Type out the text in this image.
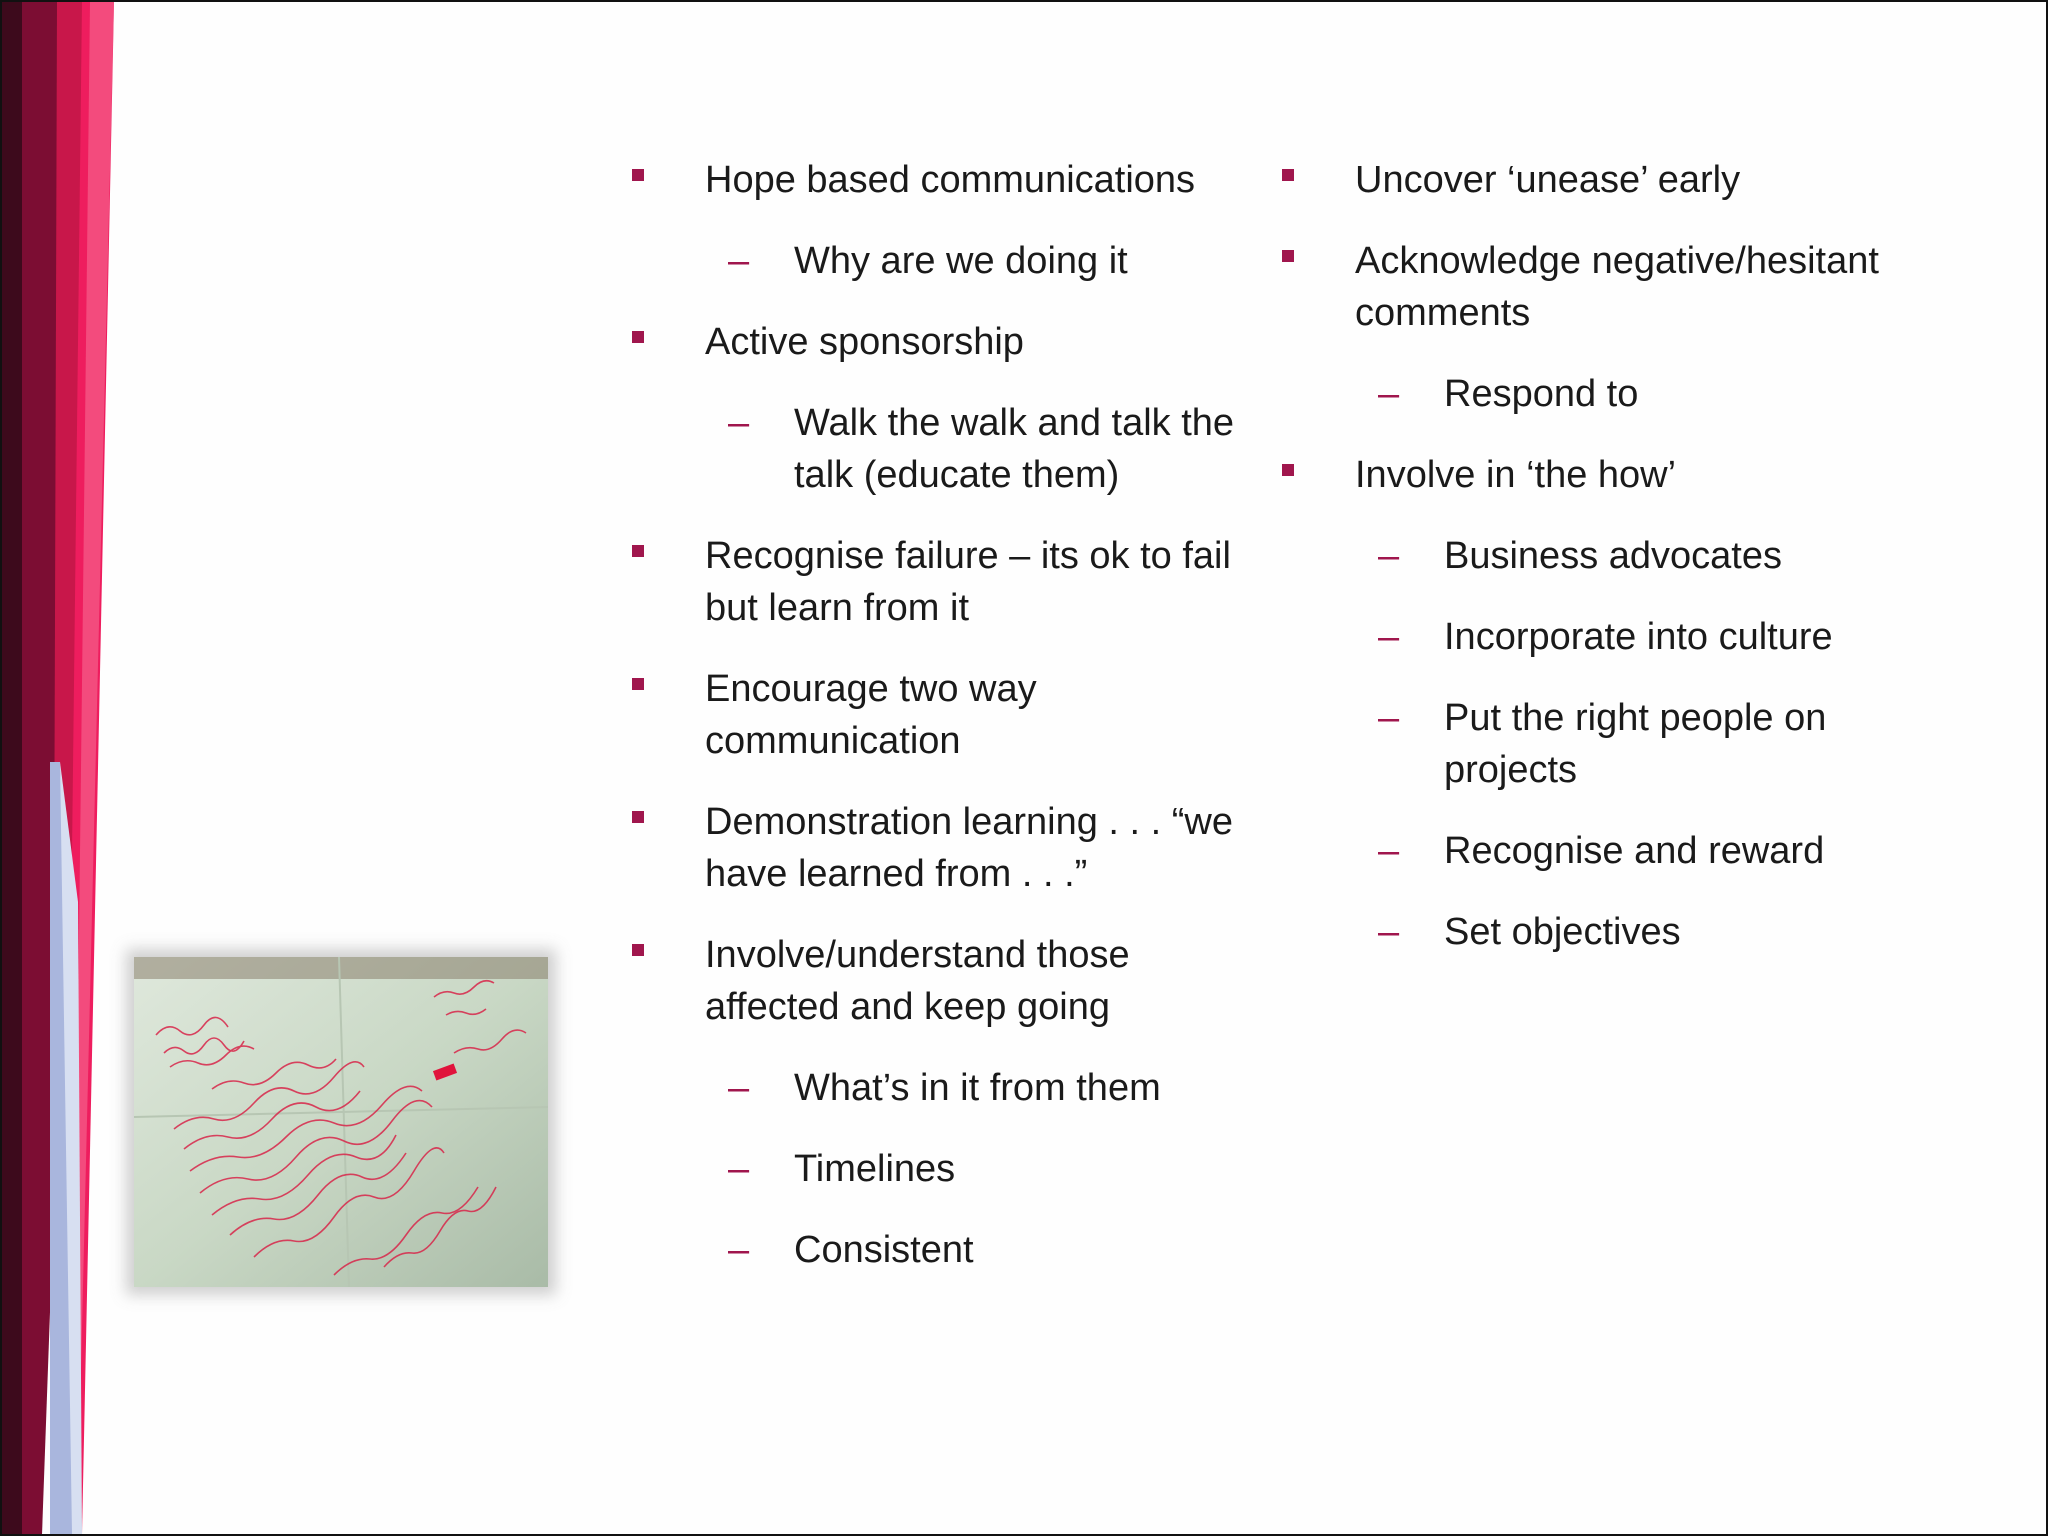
Hope based communications
– Why are we doing it
Active sponsorship
– Walk the walk and talk the talk (educate them)
Recognise failure – its ok to fail but learn from it
Encourage two way communication
Demonstration learning . . . “we have learned from . . .”
Involve/understand those affected and keep going
– What’s in it from them
– Timelines
– Consistent
Uncover ‘unease’ early
Acknowledge negative/hesitant comments
– Respond to
Involve in ‘the how’
– Business advocates
– Incorporate into culture
– Put the right people on projects
– Recognise and reward
– Set objectives
